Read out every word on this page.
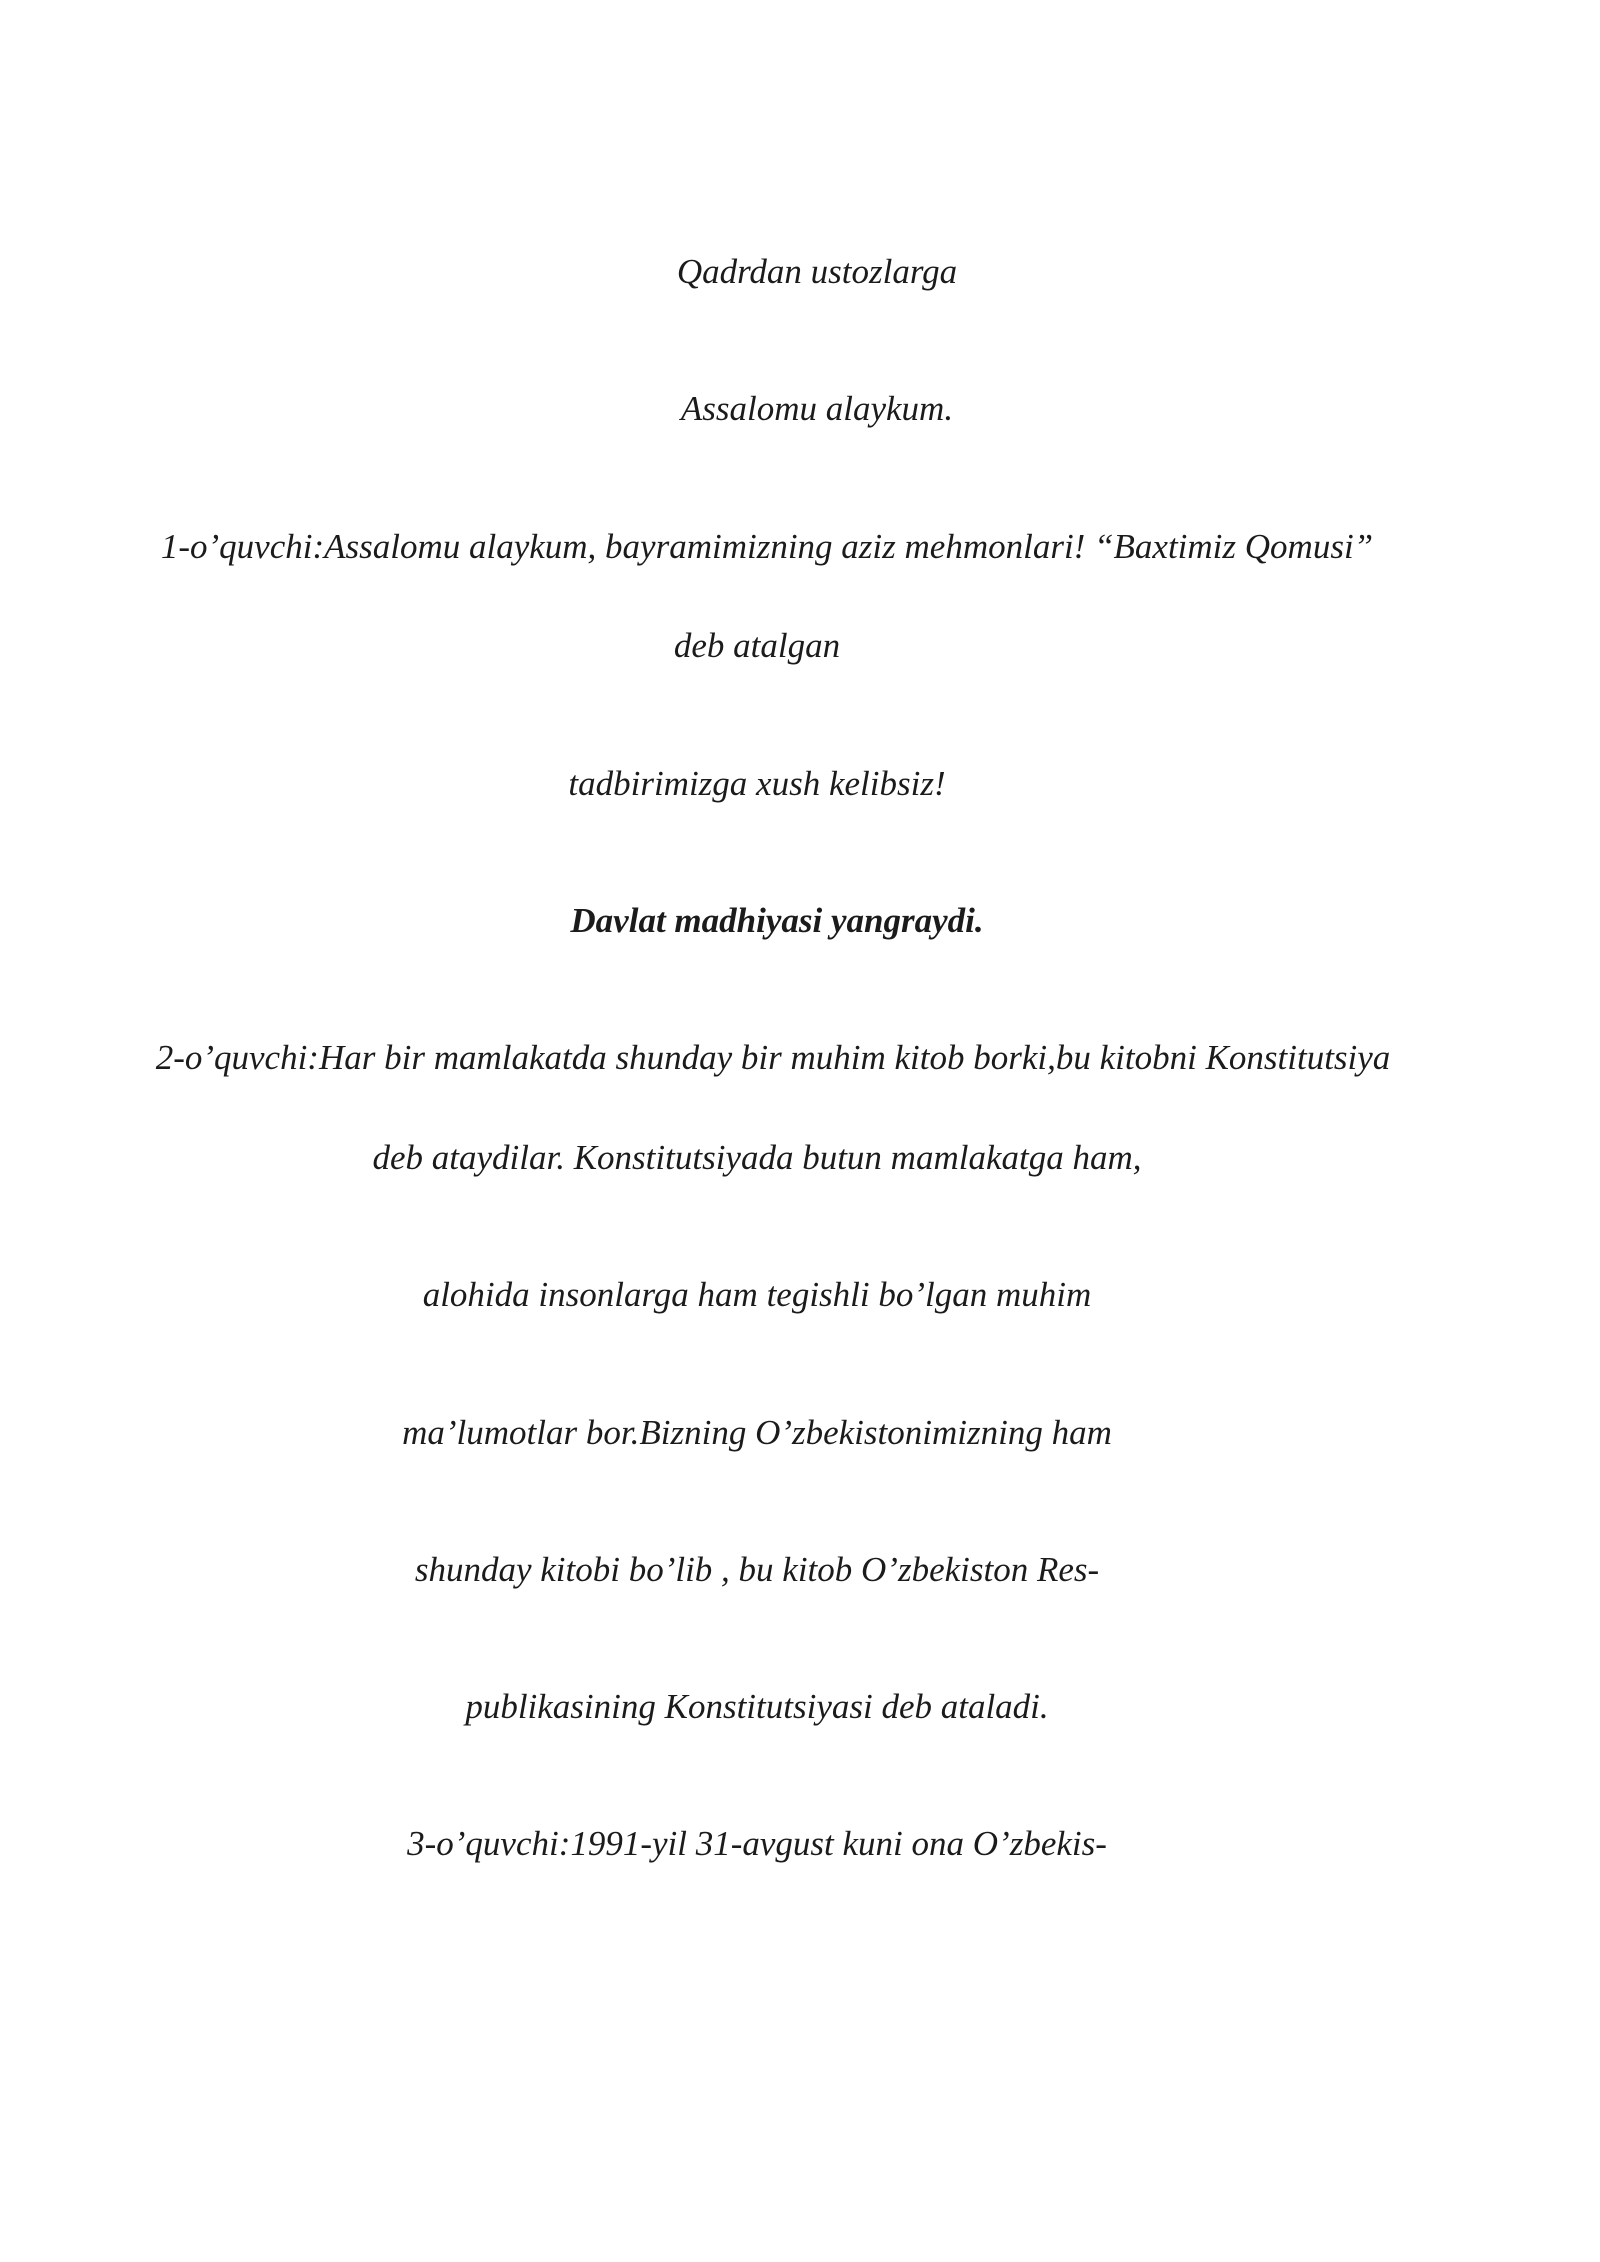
Qadrdan ustozlarga
Assalomu alaykum.
1-o’quvchi:Assalomu alaykum, bayramimizning aziz mehmonlari! “Baxtimiz Qomusi”
deb atalgan
tadbirimizga xush kelibsiz!
Davlat madhiyasi yangraydi.
2-o’quvchi:Har bir mamlakatda shunday bir muhim kitob borki,bu kitobni Konstitutsiya
deb ataydilar. Konstitutsiyada butun mamlakatga ham,
alohida insonlarga ham tegishli bo’lgan muhim
ma’lumotlar bor.Bizning O’zbekistonimizning ham
shunday kitobi bo’lib , bu kitob O’zbekiston Res-
publikasining Konstitutsiyasi deb ataladi.
3-o’quvchi:1991-yil 31-avgust kuni ona O’zbekis-
